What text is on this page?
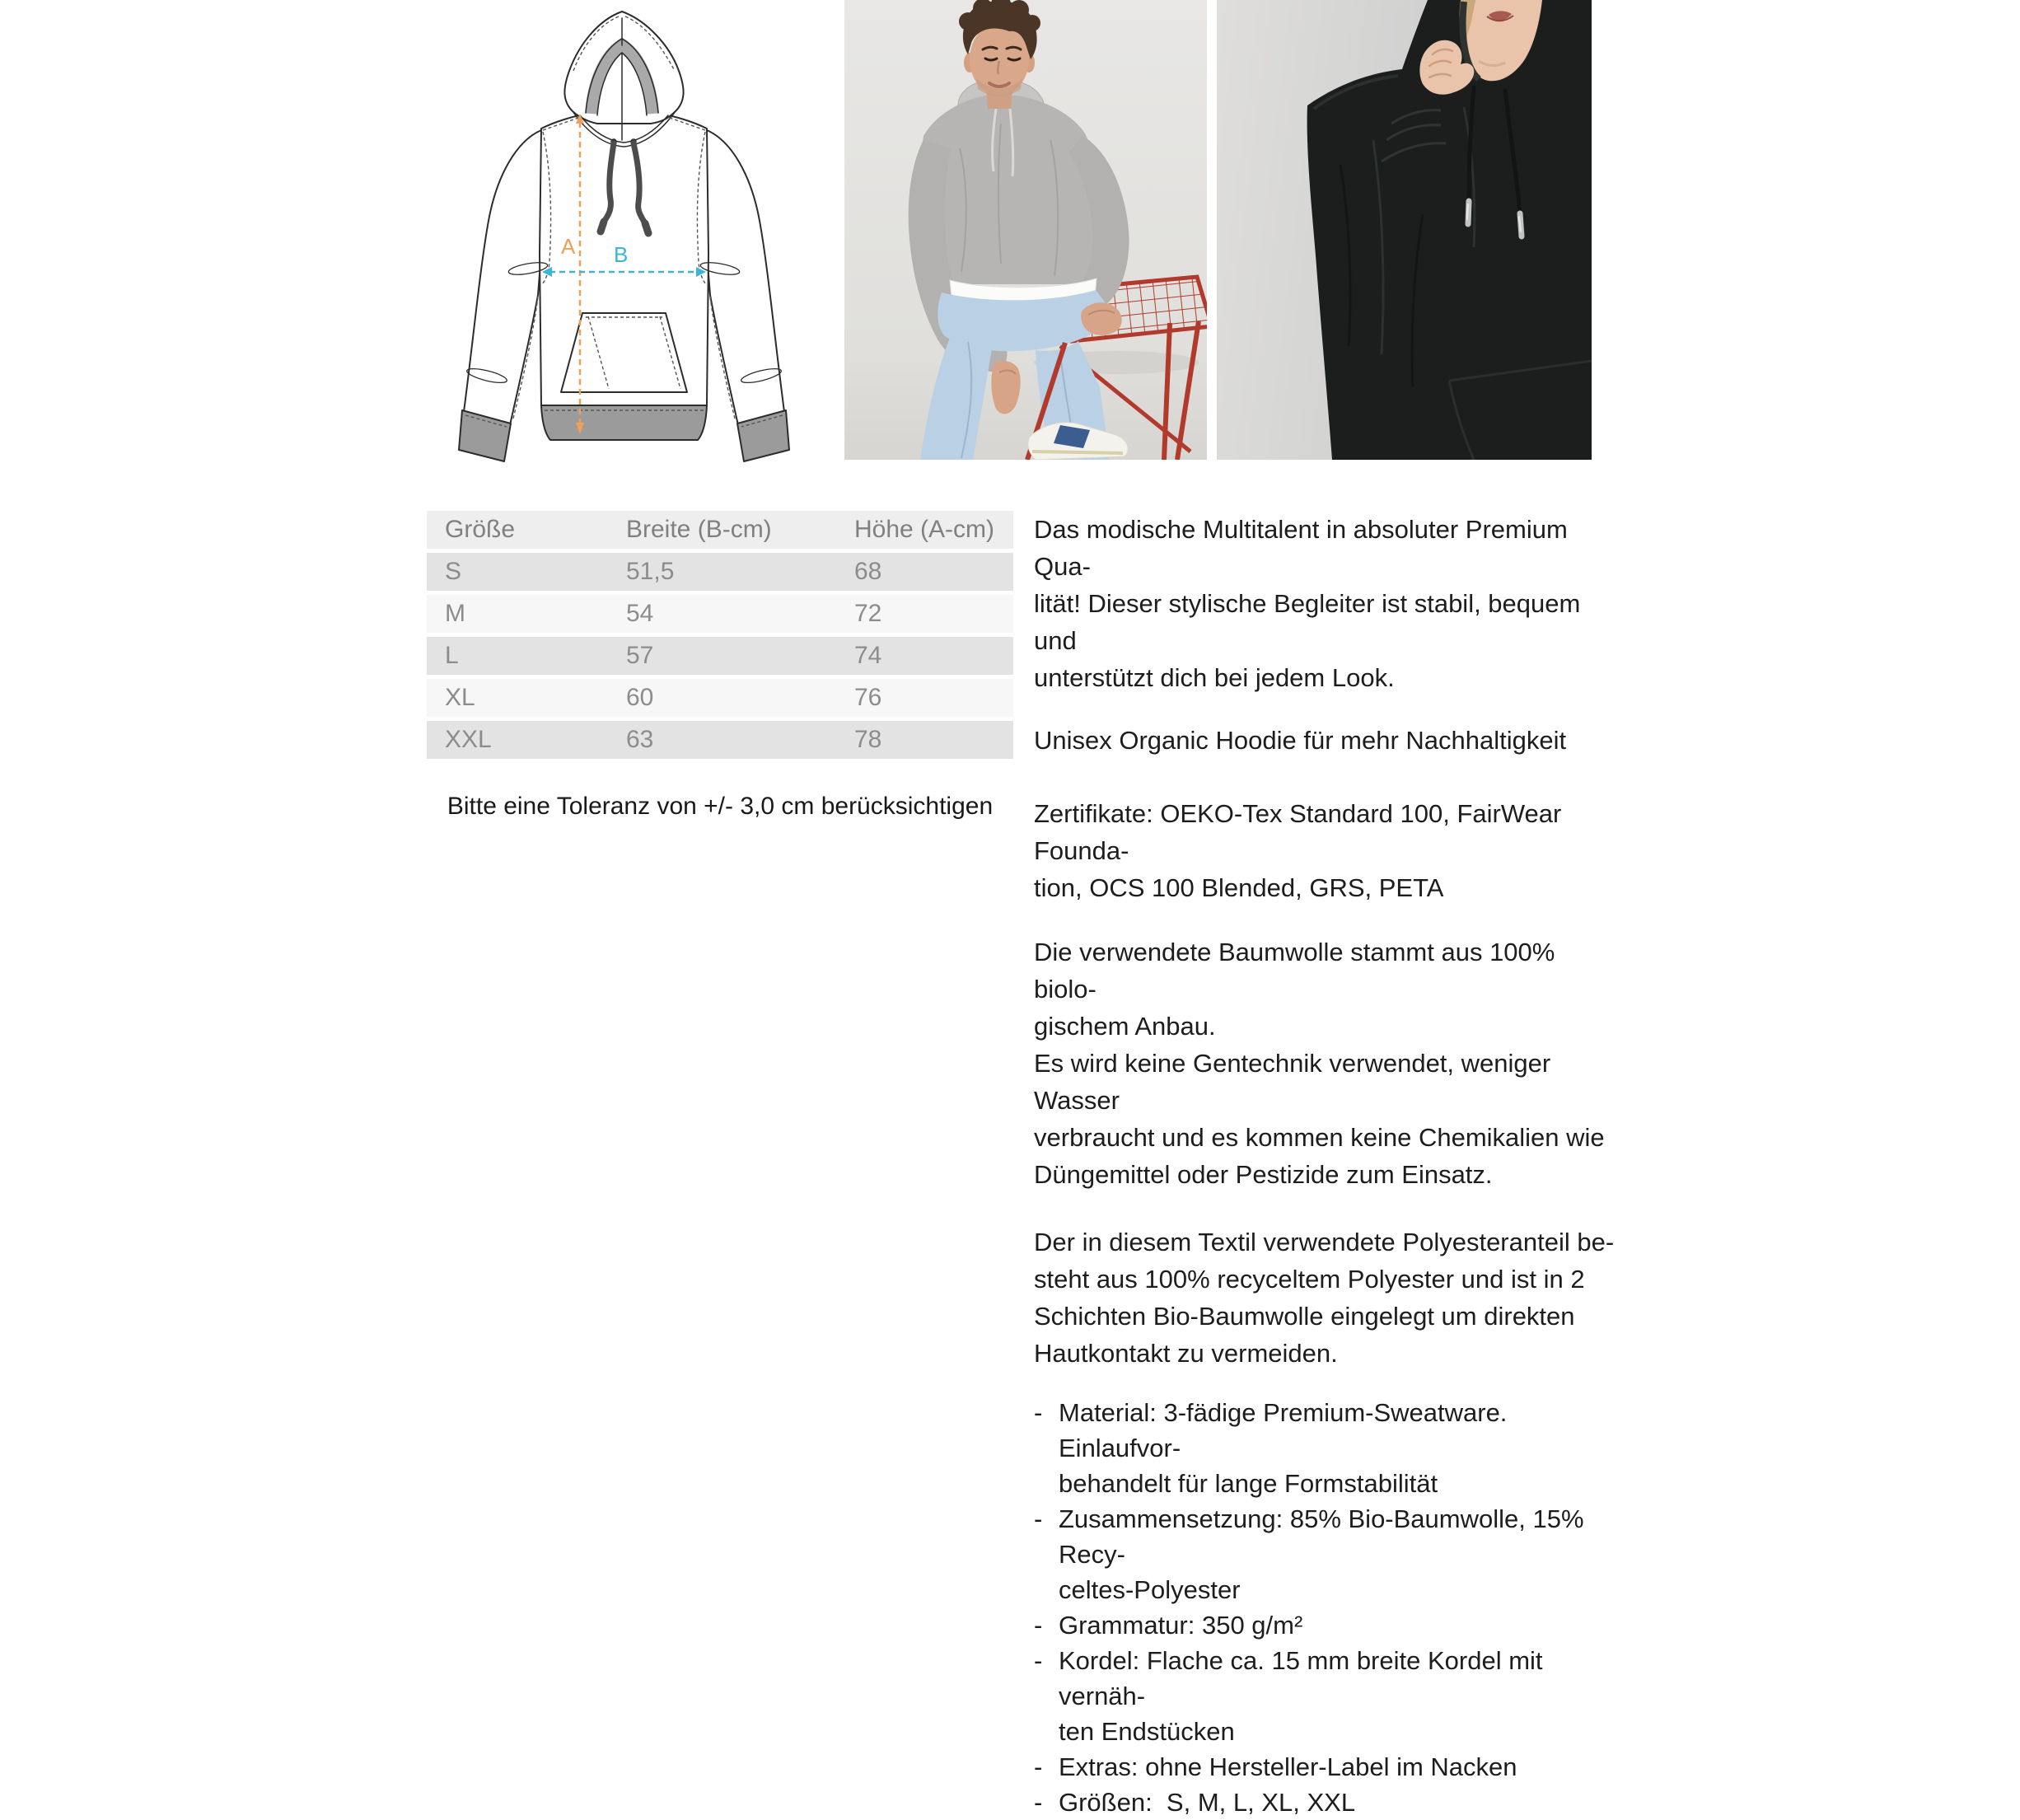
A B
Größe	Breite (B-cm)	Höhe (A-cm)
S	51,5	68
M	54	72
L	57	74
XL	60	76
XXL	63	78
Bitte eine Toleranz von +/- 3,0 cm berücksichtigen

Das modische Multitalent in absoluter Premium Qua-
lität! Dieser stylische Begleiter ist stabil, bequem und
unterstützt dich bei jedem Look.

Unisex Organic Hoodie für mehr Nachhaltigkeit

Zertifikate: OEKO-Tex Standard 100, FairWear Founda-
tion, OCS 100 Blended, GRS, PETA

Die verwendete Baumwolle stammt aus 100% biolo-
gischem Anbau.
Es wird keine Gentechnik verwendet, weniger Wasser
verbraucht und es kommen keine Chemikalien wie
Düngemittel oder Pestizide zum Einsatz.

Der in diesem Textil verwendete Polyesteranteil be-
steht aus 100% recyceltem Polyester und ist in 2
Schichten Bio-Baumwolle eingelegt um direkten
Hautkontakt zu vermeiden.

- Material: 3-fädige Premium-Sweatware. Einlaufvor-
behandelt für lange Formstabilität
- Zusammensetzung: 85% Bio-Baumwolle, 15% Recy-
celtes-Polyester
- Grammatur: 350 g/m²
- Kordel: Flache ca. 15 mm breite Kordel mit vernäh-
ten Endstücken
- Extras: ohne Hersteller-Label im Nacken
- Größen:  S, M, L, XL, XXL
